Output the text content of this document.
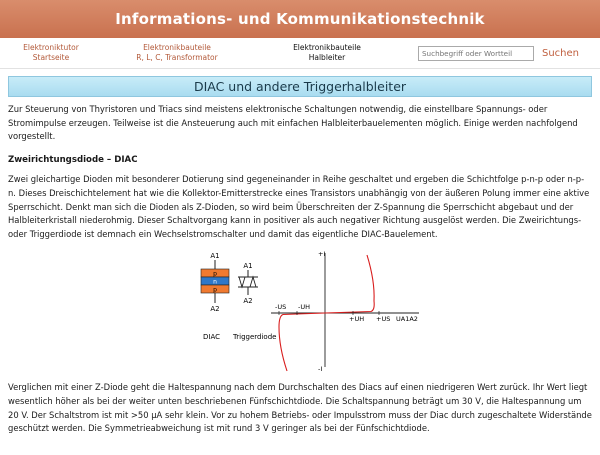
Informations- und Kommunikationstechnik
Elektroniktutor
Startseite
Elektronikbauteile
R, L, C, Transformator
Elektronikbauteile
Halbleiter
Suchbegriff oder Wortteil	Suchen
DIAC und andere Triggerhalbleiter

Zur Steuerung von Thyristoren und Triacs sind meistens elektronische Schaltungen notwendig, die einstellbare Spannungs- oder Stromimpulse erzeugen. Teilweise ist die Ansteuerung auch mit einfachen Halbleiterbauelementen möglich. Einige werden nachfolgend vorgestellt.

Zweirichtungsdiode – DIAC

Zwei gleichartige Dioden mit besonderer Dotierung sind gegeneinander in Reihe geschaltet und ergeben die Schichtfolge p-n-p oder n-p-n. Dieses Dreischichtelement hat wie die Kollektor-Emitterstrecke eines Transistors unabhängig von der äußeren Polung immer eine aktive Sperrschicht. Denkt man sich die Dioden als Z-Dioden, so wird beim Überschreiten der Z-Spannung die Sperrschicht abgebaut und der Halbleiterkristall niederohmig. Dieser Schaltvorgang kann in positiver als auch negativer Richtung ausgelöst werden. Die Zweirichtungs- oder Triggerdiode ist demnach ein Wechselstromschalter und damit das eigentliche DIAC-Bauelement.

A1
p
n
p
A2
A1
A2
+I
-I
-US -UH
+UH +US UA1A2
DIAC Triggerdiode

Verglichen mit einer Z-Diode geht die Haltespannung nach dem Durchschalten des Diacs auf einen niedrigeren Wert zurück. Ihr Wert liegt wesentlich höher als bei der weiter unten beschriebenen Fünfschichtdiode. Die Schaltspannung beträgt um 30 V, die Haltespannung um 20 V. Der Schaltstrom ist mit >50 µA sehr klein. Vor zu hohem Betriebs- oder Impulsstrom muss der Diac durch zugeschaltete Widerstände geschützt werden. Die Symmetrieabweichung ist mit rund 3 V geringer als bei der Fünfschichtdiode.
